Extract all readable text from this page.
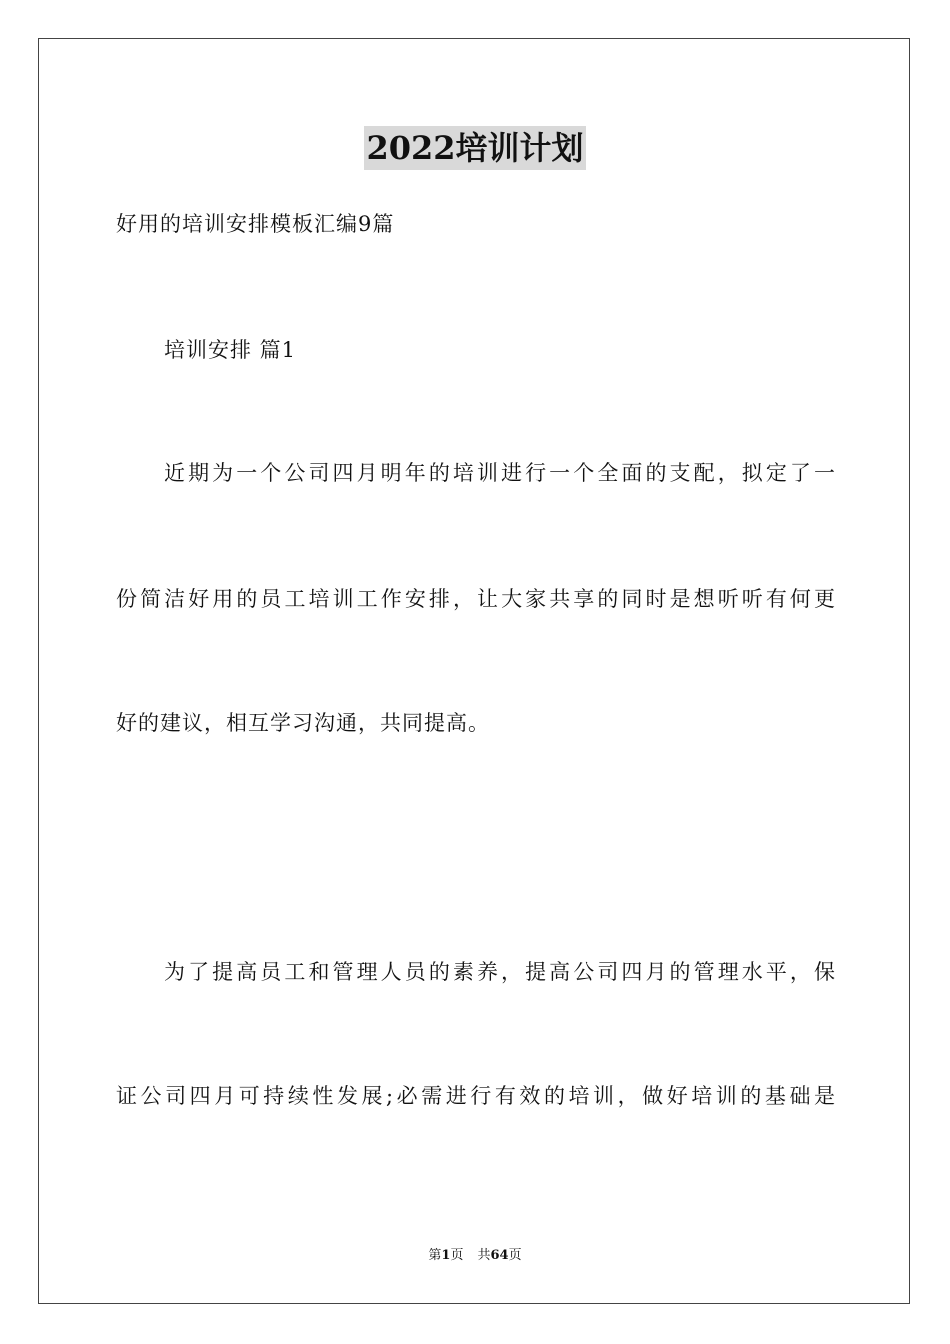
2022培训计划
好用的培训安排模板汇编9篇
培训安排 篇1
近期为一个公司四月明年的培训进行一个全面的支配，拟定了一
份简洁好用的员工培训工作安排，让大家共享的同时是想听听有何更
好的建议，相互学习沟通，共同提高。
为了提高员工和管理人员的素养，提高公司四月的管理水平，保
证公司四月可持续性发展;必需进行有效的培训，做好培训的基础是
第1页 共64页
